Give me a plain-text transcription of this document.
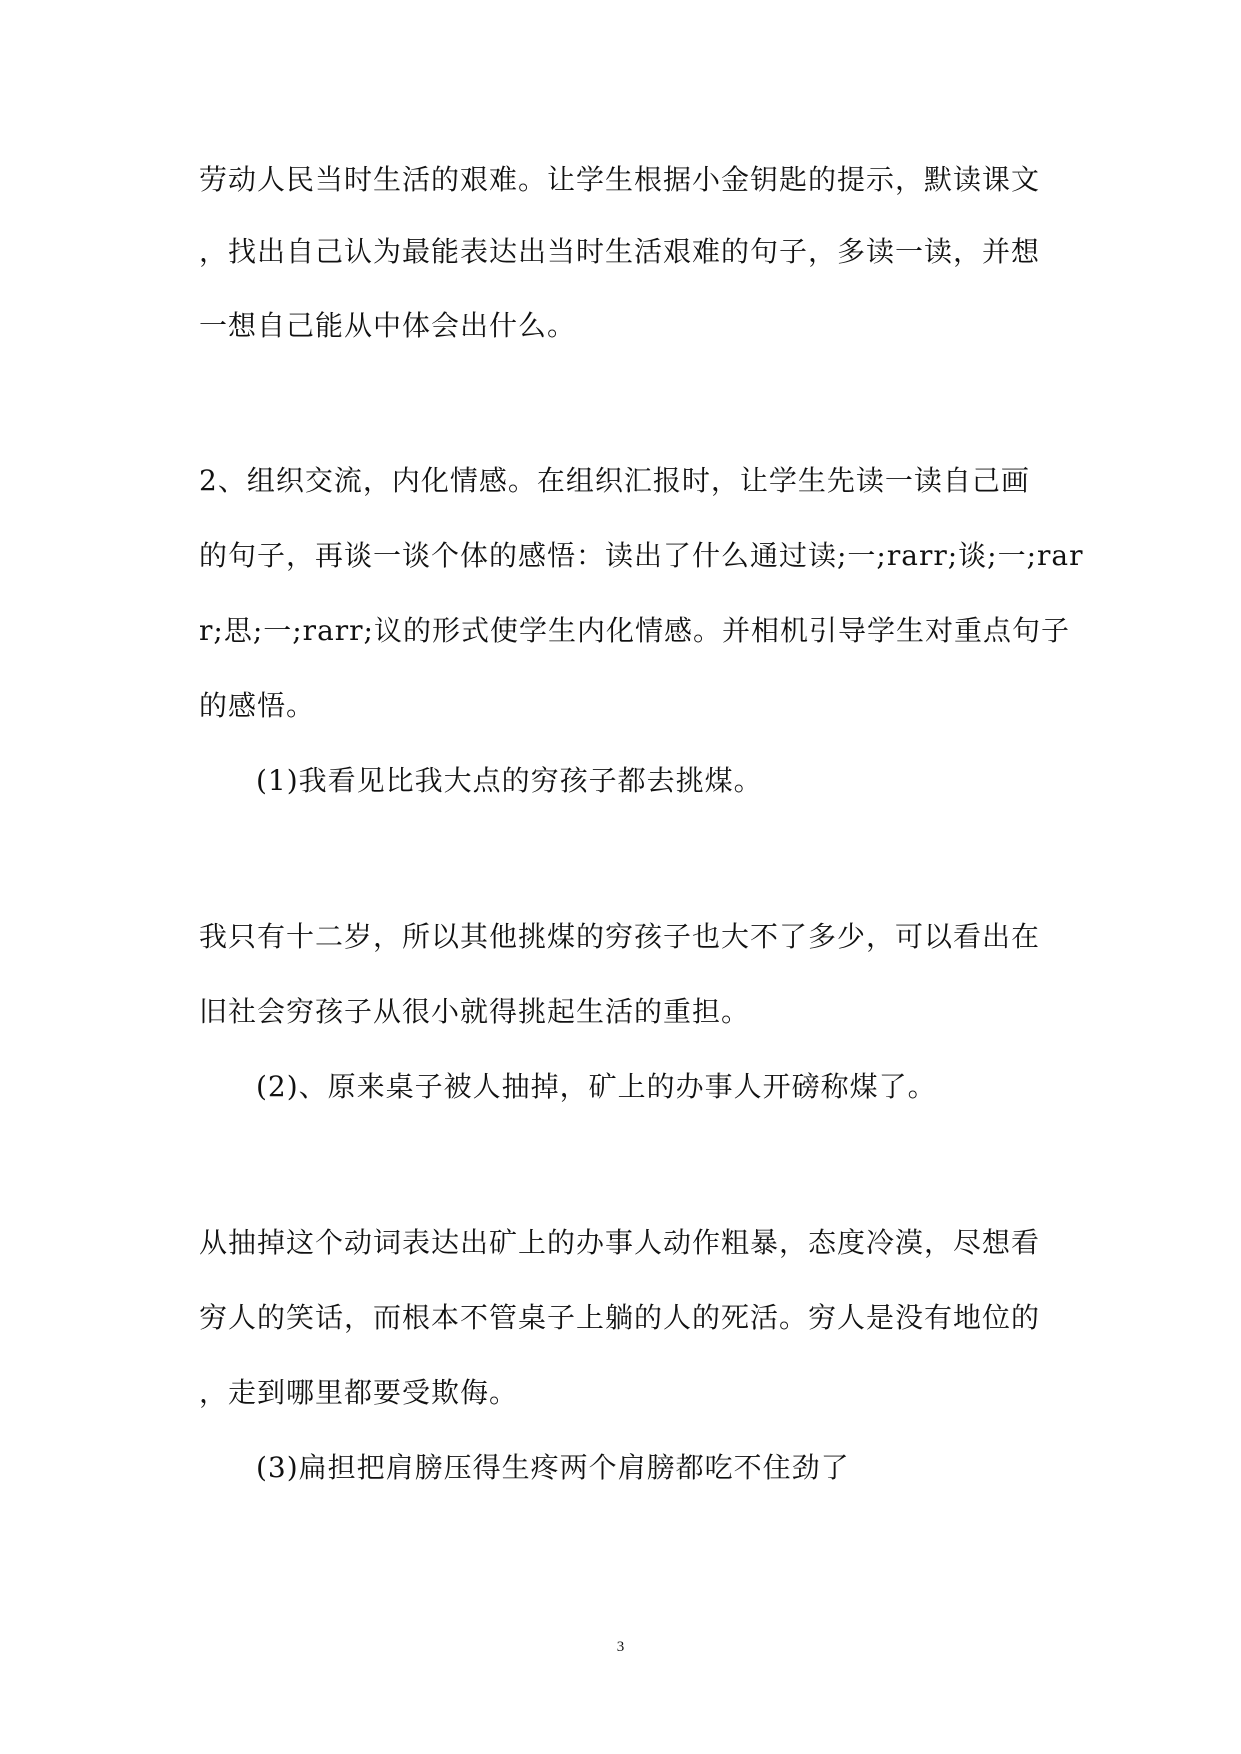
劳动人民当时生活的艰难。让学生根据小金钥匙的提示，默读课文
，找出自己认为最能表达出当时生活艰难的句子，多读一读，并想
一想自己能从中体会出什么。
2、组织交流，内化情感。在组织汇报时，让学生先读一读自己画
的句子，再谈一谈个体的感悟：读出了什么通过读;一;rarr;谈;一;rar
r;思;一;rarr;议的形式使学生内化情感。并相机引导学生对重点句子
的感悟。
(1)我看见比我大点的穷孩子都去挑煤。
我只有十二岁，所以其他挑煤的穷孩子也大不了多少，可以看出在
旧社会穷孩子从很小就得挑起生活的重担。
(2)、原来桌子被人抽掉，矿上的办事人开磅称煤了。
从抽掉这个动词表达出矿上的办事人动作粗暴，态度冷漠，尽想看
穷人的笑话，而根本不管桌子上躺的人的死活。穷人是没有地位的
，走到哪里都要受欺侮。
(3)扁担把肩膀压得生疼两个肩膀都吃不住劲了
3
